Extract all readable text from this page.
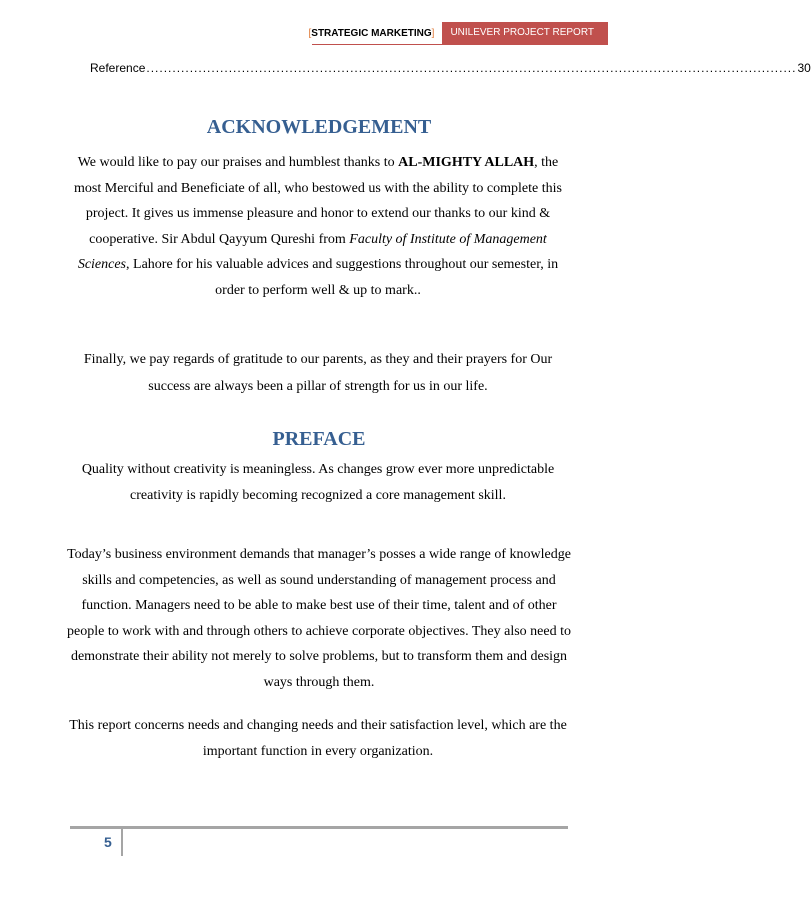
[STRATEGIC MARKETING]	UNILEVER PROJECT REPORT
Reference ...................................................................................................................................................... 30
ACKNOWLEDGEMENT
We would like to pay our praises and humblest thanks to AL-MIGHTY ALLAH, the most Merciful and Beneficiate of all, who bestowed us with the ability to complete this project. It gives us immense pleasure and honor to extend our thanks to our kind & cooperative. Sir Abdul Qayyum Qureshi from Faculty of Institute of Management Sciences, Lahore for his valuable advices and suggestions throughout our semester, in order to perform well & up to mark..
Finally, we pay regards of gratitude to our parents, as they and their prayers for Our success are always been a pillar of strength for us in our life.
PREFACE
Quality without creativity is meaningless. As changes grow ever more unpredictable creativity is rapidly becoming recognized a core management skill.
Today’s business environment demands that manager’s posses a wide range of knowledge skills and competencies, as well as sound understanding of management process and function. Managers need to be able to make best use of their time, talent and of other people to work with and through others to achieve corporate objectives. They also need to demonstrate their ability not merely to solve problems, but to transform them and design ways through them.
This report concerns needs and changing needs and their satisfaction level, which are the important function in every organization.
5
